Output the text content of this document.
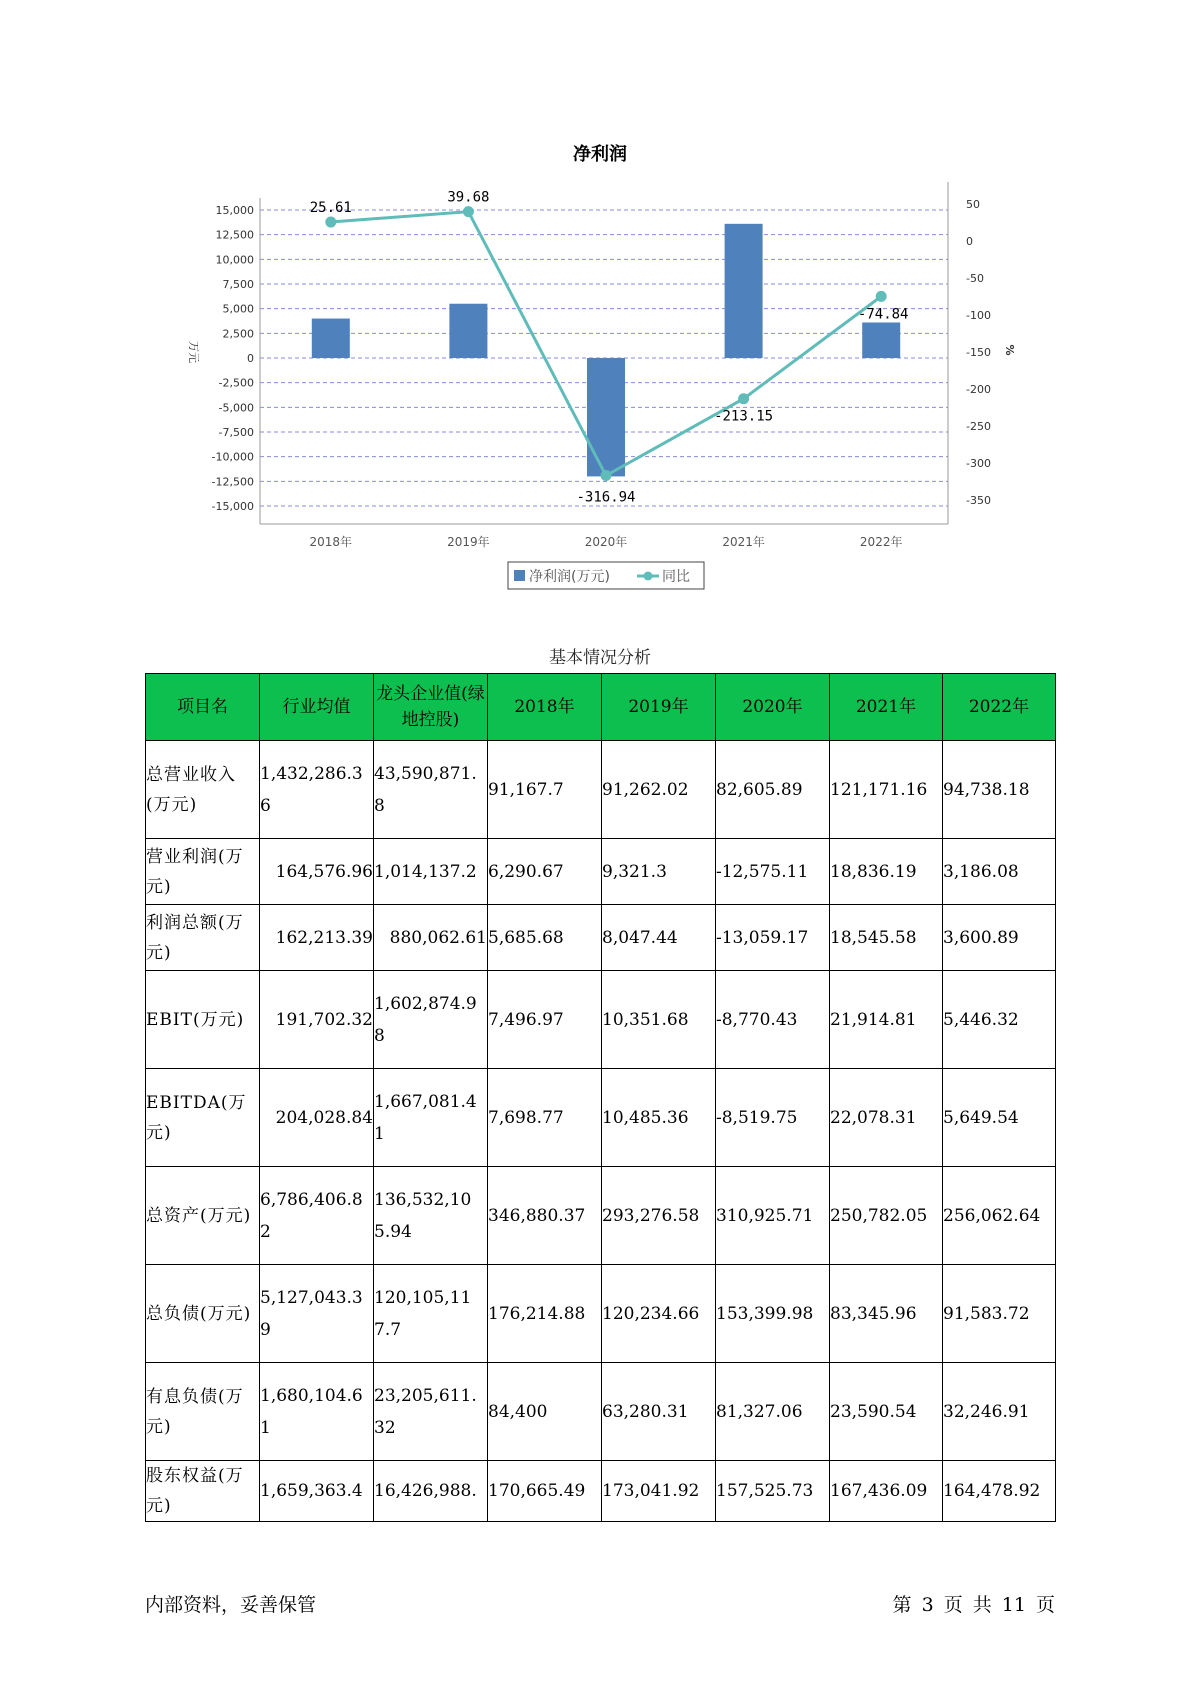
净利润
15,000
12,500
10,000
7,500
5,000
2,500
0
-2,500
-5,000
-7,500
-10,000
-12,500
-15,000
50
0
-50
-100
-150
-200
-250
-300
-350
2018年	2019年	2020年	2021年	2022年
万元	%
25.61
39.68
-316.94
-213.15
-74.84
净利润(万元)	同比
基本情况分析
项目名	行业均值	龙头企业值(绿地控股)	2018年	2019年	2020年	2021年	2022年
总营业收入(万元)	1,432,286.36	43,590,871.8	91,167.7	91,262.02	82,605.89	121,171.16	94,738.18
营业利润(万元)	164,576.96	1,014,137.2	6,290.67	9,321.3	-12,575.11	18,836.19	3,186.08
利润总额(万元)	162,213.39	880,062.61	5,685.68	8,047.44	-13,059.17	18,545.58	3,600.89
EBIT(万元)	191,702.32	1,602,874.98	7,496.97	10,351.68	-8,770.43	21,914.81	5,446.32
EBITDA(万元)	204,028.84	1,667,081.41	7,698.77	10,485.36	-8,519.75	22,078.31	5,649.54
总资产(万元)	6,786,406.82	136,532,105.94	346,880.37	293,276.58	310,925.71	250,782.05	256,062.64
总负债(万元)	5,127,043.39	120,105,117.7	176,214.88	120,234.66	153,399.98	83,345.96	91,583.72
有息负债(万元)	1,680,104.61	23,205,611.32	84,400	63,280.31	81,327.06	23,590.54	32,246.91
股东权益(万元)	1,659,363.4	16,426,988.	170,665.49	173,041.92	157,525.73	167,436.09	164,478.92
内部资料，妥善保管	第 3 页 共 11 页
